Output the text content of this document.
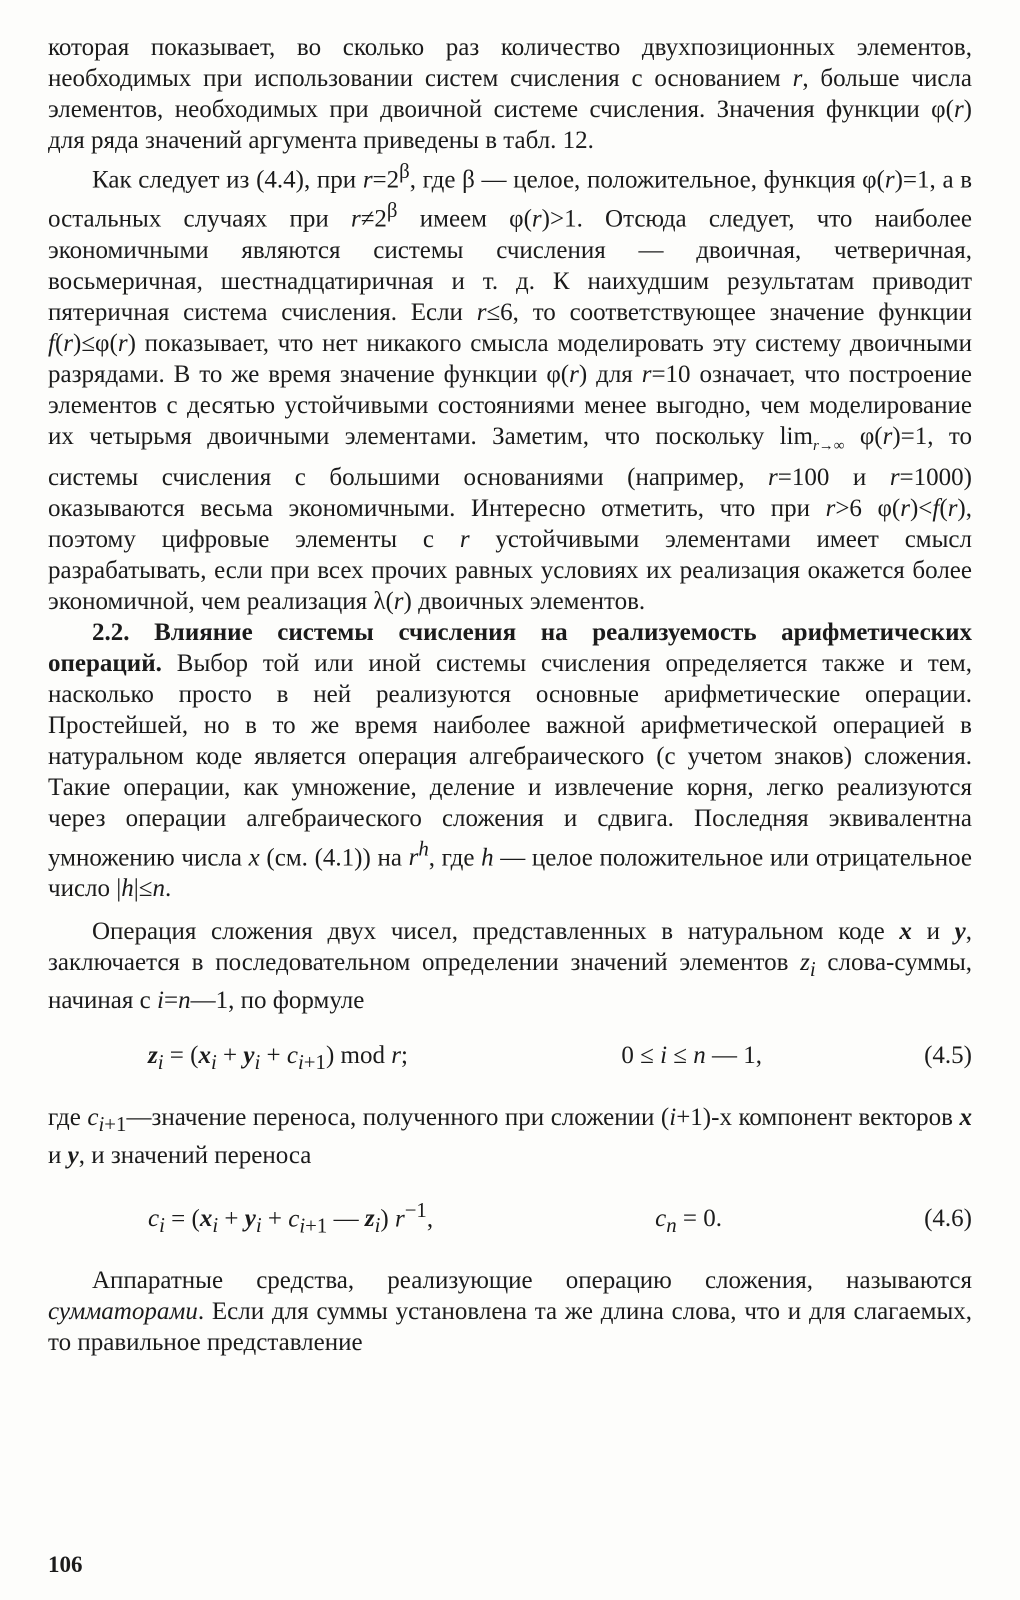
которая показывает, во сколько раз количество двухпозиционных элементов, необходимых при использовании систем счисления с основанием r, больше числа элементов, необходимых при двоичной системе счисления. Значения функции φ(r) для ряда значений аргумента приведены в табл. 12.

Как следует из (4.4), при $r=2^\beta$, где β — целое, положительное, функция φ(r)=1, а в остальных случаях при $r\ne 2^\beta$ имеем φ(r)>1. Отсюда следует, что наиболее экономичными являются системы счисления — двоичная, четверичная, восьмеричная, шестнадцатиричная и т. д. К наихудшим результатам приводит пятеричная система счисления. Если r≤6, то соответствующее значение функции f(r)≤φ(r) показывает, что нет никакого смысла моделировать эту систему двоичными разрядами. В то же время значение функции φ(r) для r=10 означает, что построение элементов с десятью устойчивыми состояниями менее выгодно, чем моделирование их четырьмя двоичными элементами. Заметим, что поскольку $\lim_{r\to\infty} \varphi(r)=1$, то системы счисления с большими основаниями (например, r=100 и r=1000) оказываются весьма экономичными. Интересно отметить, что при r>6 φ(r)<f(r), поэтому цифровые элементы с r устойчивыми элементами имеет смысл разрабатывать, если при всех прочих равных условиях их реализация окажется более экономичной, чем реализация λ(r) двоичных элементов.

2.2. Влияние системы счисления на реализуемость арифметических операций. Выбор той или иной системы счисления определяется также и тем, насколько просто в ней реализуются основные арифметические операции. Простейшей, но в то же время наиболее важной арифметической операцией в натуральном коде является операция алгебраического (с учетом знаков) сложения. Такие операции, как умножение, деление и извлечение корня, легко реализуются через операции алгебраического сложения и сдвига. Последняя эквивалентна умножению числа x (см. (4.1)) на $r^h$, где h — целое положительное или отрицательное число |h|≤n.

Операция сложения двух чисел, представленных в натуральном коде x и y, заключается в последовательном определении значений элементов $z_i$ слова-суммы, начиная с i=n—1, по формуле

$z_i = (x_i + y_i + c_{i+1})$ mod r;	0 ≤ i ≤ n — 1,	(4.5)

где $c_{i+1}—значение$ переноса, полученного при сложении (i+1)-х компонент векторов x и y, и значений переноса

$c_i = (x_i + y_i + c_{i+1}$ — $z_i$) $r^{-1}$,	$c_n = 0$.	(4.6)

Аппаратные средства, реализующие операцию сложения, называются сумматорами. Если для суммы установлена та же длина слова, что и для слагаемых, то правильное представление

106
